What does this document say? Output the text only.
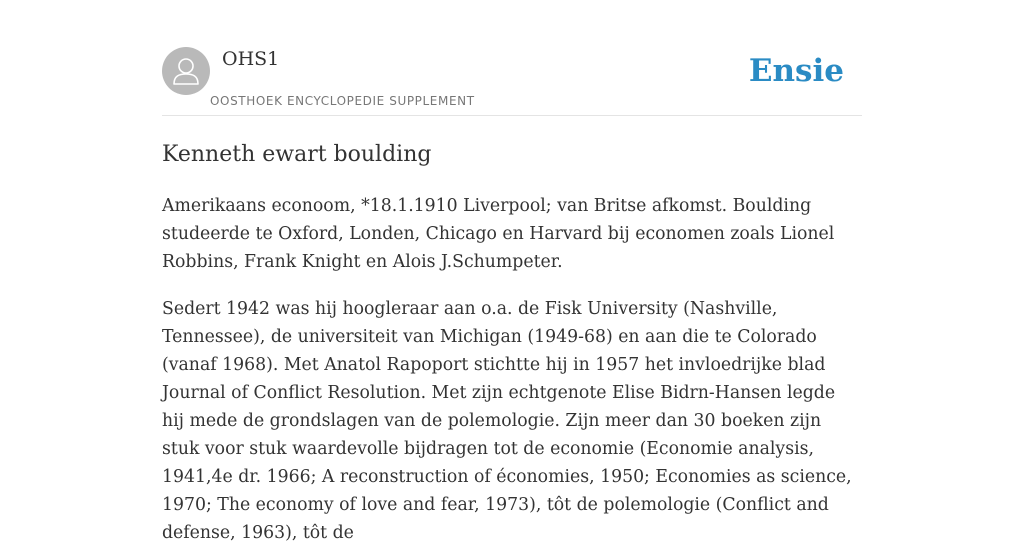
OHS1
OOSTHOEK ENCYCLOPEDIE SUPPLEMENT
Ensie
Kenneth ewart boulding

Amerikaans econoom, *18.1.1910 Liverpool; van Britse afkomst. Boulding studeerde te Oxford, Londen, Chicago en Harvard bij economen zoals Lionel Robbins, Frank Knight en Alois J.Schumpeter.

Sedert 1942 was hij hoogleraar aan o.a. de Fisk University (Nashville, Tennessee), de universiteit van Michigan (1949-68) en aan die te Colorado (vanaf 1968). Met Anatol Rapoport stichtte hij in 1957 het invloedrijke blad Journal of Conflict Resolution. Met zijn echtgenote Elise Bidrn-Hansen legde hij mede de grondslagen van de polemologie. Zijn meer dan 30 boeken zijn stuk voor stuk waardevolle bijdragen tot de economie (Economie analysis, 1941,4e dr. 1966; A reconstruction of économies, 1950; Economies as science, 1970; The economy of love and fear, 1973), tôt de polemologie (Conflict and defense, 1963), tôt de
